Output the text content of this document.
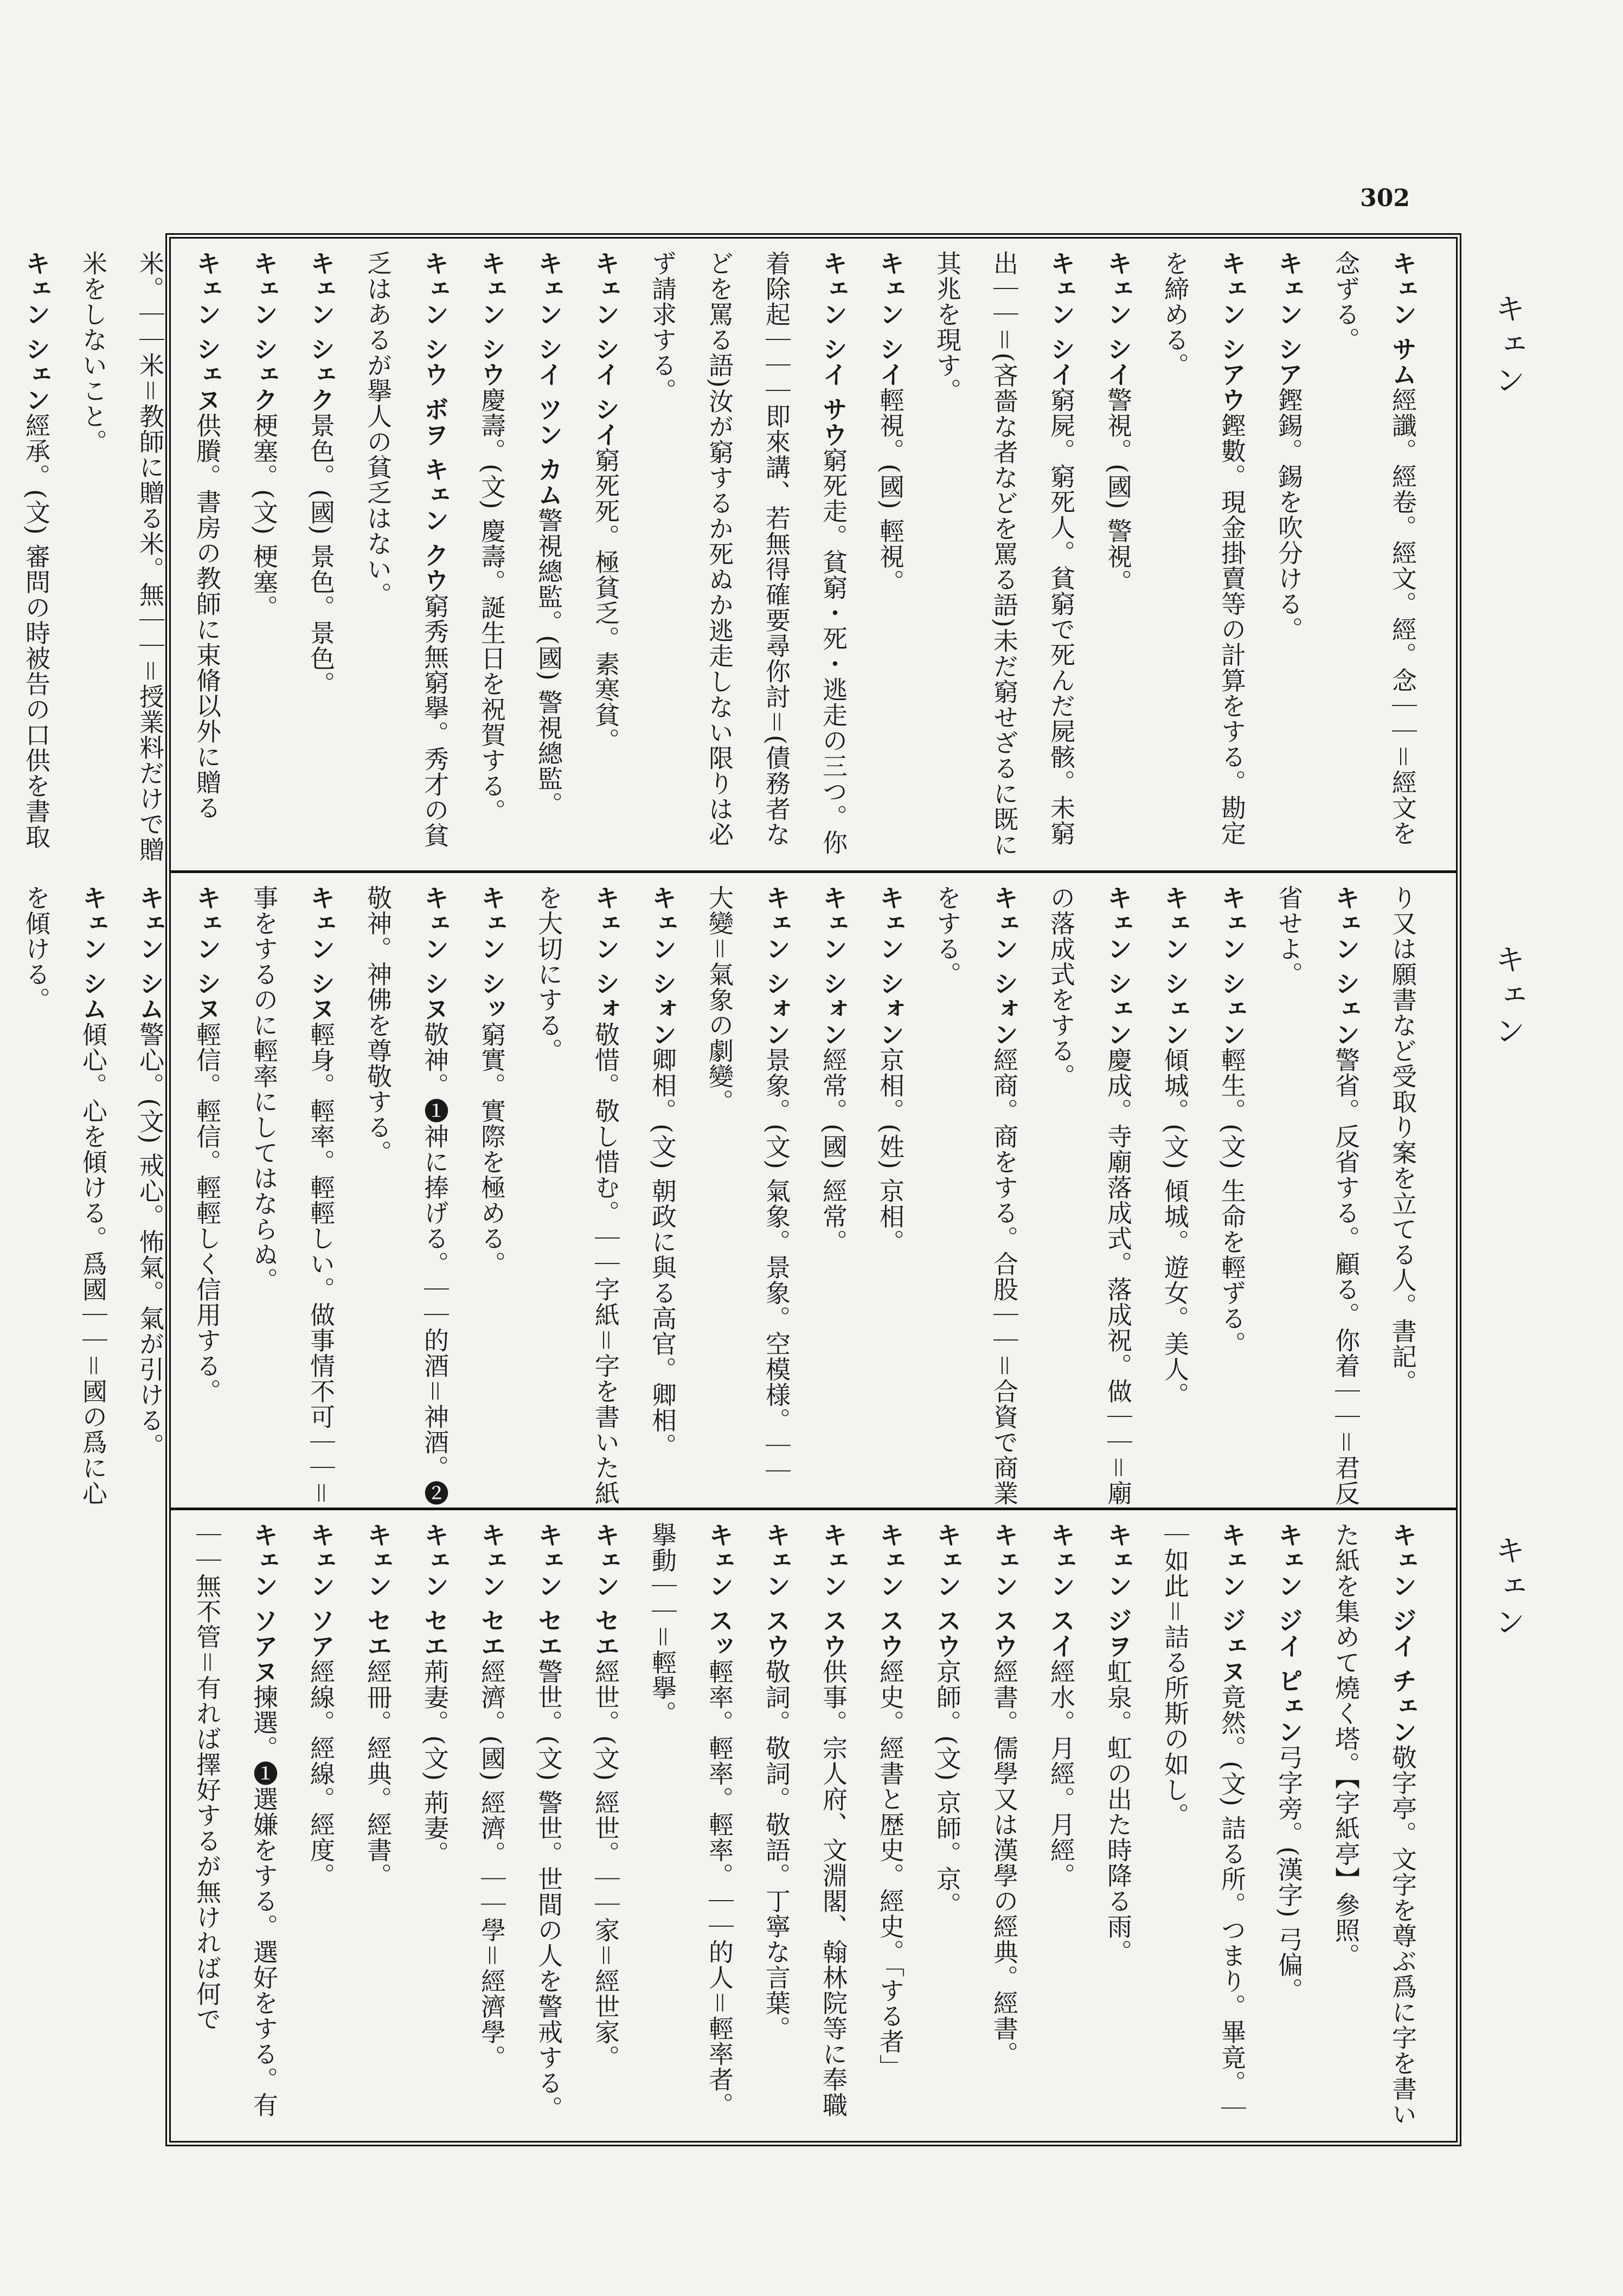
302
キェン
キェン
キェン
キェン サム經讖。經卷。經文。經。念｜｜＝經文を念ずる。
キェン シア鏗錫。錫を吹分ける。
キェン シアウ鏗數。現金掛賣等の計算をする。勘定を締める。
キェン シイ警視。(國) 警視。
キェン シイ窮屍。窮死人。貧窮で死んだ屍骸。未窮出｜｜＝(吝嗇な者などを罵る語)未だ窮せざるに既に其兆を現す。
キェン シイ輕視。(國) 輕視。
キェン シイ サウ窮死走。貧窮・死・逃走の三つ。你着除起｜｜｜即來講、若無得確要尋你討＝(債務者などを罵る語)汝が窮するか死ぬか逃走しない限りは必ず請求する。
キェン シイ シイ窮死死。極貧乏。素寒貧。
キェン シイ ツン カム警視總監。(國) 警視總監。
キェン シウ慶壽。(文) 慶壽。誕生日を祝賀する。
キェン シウ ボヲ キェン クウ窮秀無窮擧。秀才の貧乏はあるが擧人の貧乏はない。
キェン シェク景色。(國) 景色。景色。
キェン シェク梗塞。(文) 梗塞。
キェン シェヌ供賸。書房の教師に束脩以外に贈る米。｜｜米＝教師に贈る米。無｜｜＝授業料だけで贈米をしないこと。
キェン シェン經承。(文) 審問の時被告の口供を書取
り又は願書など受取り案を立てる人。書記。
キェン シェン警省。反省する。顧る。你着｜｜＝君反省せよ。
キェン シェン輕生。(文) 生命を輕ずる。
キェン シェン傾城。(文) 傾城。遊女。美人。
キェン シェン慶成。寺廟落成式。落成祝。做｜｜＝廟の落成式をする。
キェン シォン經商。商をする。合股｜｜＝合資で商業をする。
キェン シォン京相。(姓) 京相。
キェン シォン經常。(國) 經常。
キェン シォン景象。(文) 氣象。景象。空模様。｜｜大變＝氣象の劇變。
キェン シォン卿相。(文) 朝政に與る高官。卿相。
キェン シォ敬惜。敬し惜む。｜｜字紙＝字を書いた紙を大切にする。
キェン シッ窮實。實際を極める。
キェン シヌ敬神。❶神に捧げる。｜｜的酒＝神酒。❷敬神。神佛を尊敬する。
キェン シヌ輕身。輕率。輕輕しい。做事情不可｜｜＝事をするのに輕率にしてはならぬ。
キェン シヌ輕信。輕信。輕輕しく信用する。
キェン シム警心。(文) 戒心。怖氣。氣が引ける。
キェン シム傾心。心を傾ける。爲國｜｜＝國の爲に心を傾ける。
キェン ジイ チェン敬字亭。文字を尊ぶ爲に字を書いた紙を集めて燒く塔。【字紙亭】參照。
キェン ジイ ピェン弓字旁。(漢字) 弓偏。
キェン ジェヌ竟然。(文) 詰る所。つまり。畢竟。｜｜如此＝詰る所斯の如し。
キェン ジヲ虹泉。虹の出た時降る雨。
キェン スイ經水。月經。月經。
キェン スウ經書。儒學又は漢學の經典。經書。
キェン スウ京師。(文) 京師。京。
キェン スウ經史。經書と歴史。經史。「する者」
キェン スウ供事。宗人府、文淵閣、翰林院等に奉職
キェン スウ敬詞。敬詞。敬語。丁寧な言葉。
キェン スッ輕率。輕率。輕率。｜｜的人＝輕率者。擧動｜｜＝輕擧。
キェン セエ經世。(文) 經世。｜｜家＝經世家。
キェン セエ警世。(文) 警世。世間の人を警戒する。
キェン セエ經濟。(國) 經濟。｜｜學＝經濟學。
キェン セエ荊妻。(文) 荊妻。
キェン セエ經冊。經典。經書。
キェン ソア經線。經線。經度。
キェン ソアヌ揀選。❶選嫌をする。選好をする。有｜｜無不管＝有れば擇好するが無ければ何で
